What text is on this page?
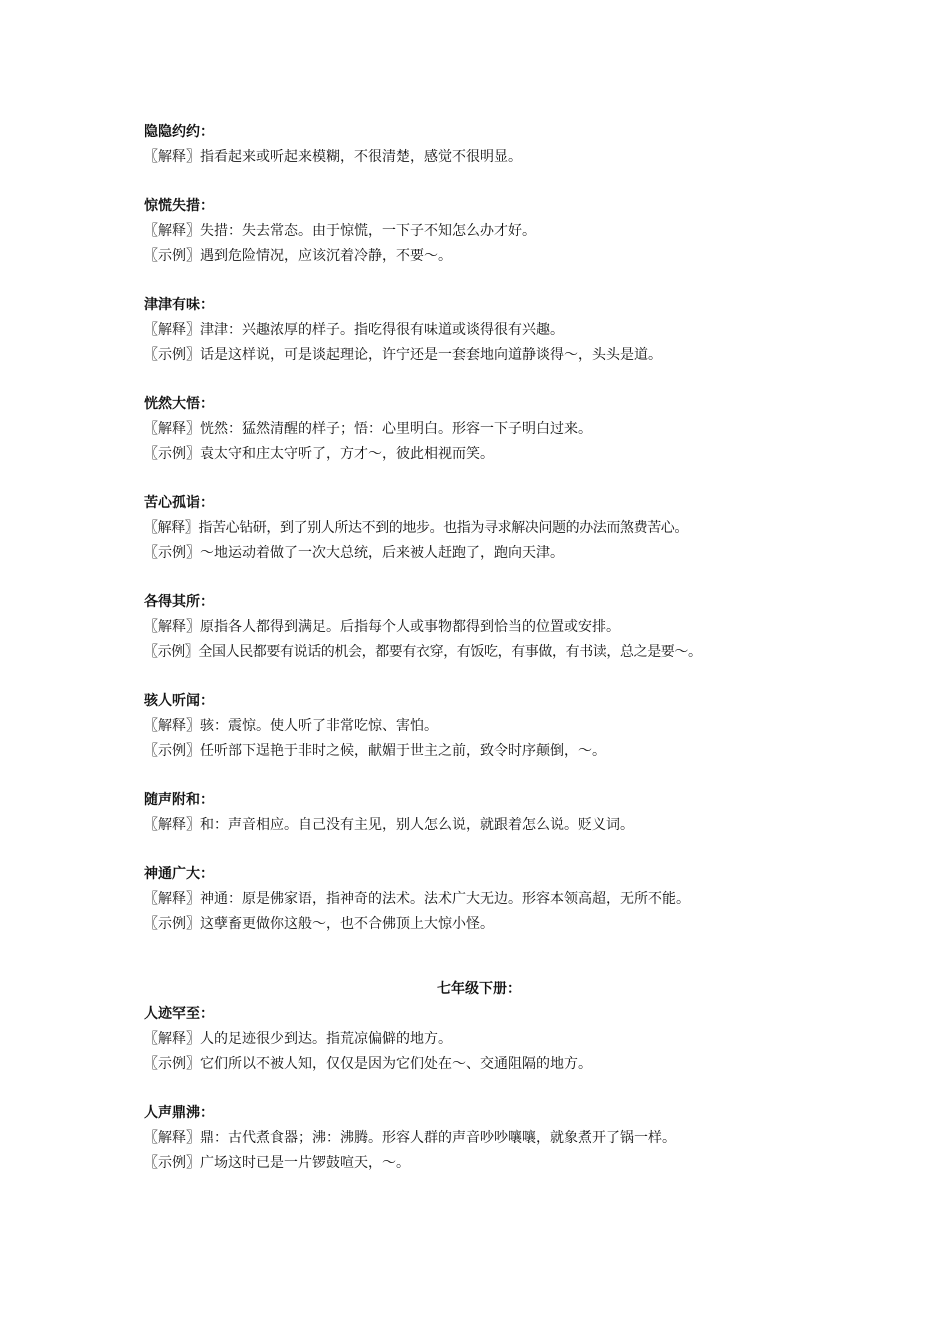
隐隐约约：
〖解释〗指看起来或听起来模糊，不很清楚，感觉不很明显。
惊慌失措：
〖解释〗失措：失去常态。由于惊慌，一下子不知怎么办才好。
〖示例〗遇到危险情况，应该沉着冷静，不要～。
津津有味：
〖解释〗津津：兴趣浓厚的样子。指吃得很有味道或谈得很有兴趣。
〖示例〗话是这样说，可是谈起理论，许宁还是一套套地向道静谈得～，头头是道。
恍然大悟：
〖解释〗恍然：猛然清醒的样子；悟：心里明白。形容一下子明白过来。
〖示例〗袁太守和庄太守听了，方才～，彼此相视而笑。
苦心孤诣：
〖解释〗指苦心钻研，到了别人所达不到的地步。也指为寻求解决问题的办法而煞费苦心。
〖示例〗～地运动着做了一次大总统，后来被人赶跑了，跑向天津。
各得其所：
〖解释〗原指各人都得到满足。后指每个人或事物都得到恰当的位置或安排。
〖示例〗全国人民都要有说话的机会，都要有衣穿，有饭吃，有事做，有书读，总之是要～。
骇人听闻：
〖解释〗骇：震惊。使人听了非常吃惊、害怕。
〖示例〗任听部下逞艳于非时之候，献媚于世主之前，致令时序颠倒，～。
随声附和：
〖解释〗和：声音相应。自己没有主见，别人怎么说，就跟着怎么说。贬义词。
神通广大：
〖解释〗神通：原是佛家语，指神奇的法术。法术广大无边。形容本领高超，无所不能。
〖示例〗这孽畜更做你这般～，也不合佛顶上大惊小怪。
七年级下册：
人迹罕至：
〖解释〗人的足迹很少到达。指荒凉偏僻的地方。
〖示例〗它们所以不被人知，仅仅是因为它们处在～、交通阻隔的地方。
人声鼎沸：
〖解释〗鼎：古代煮食器；沸：沸腾。形容人群的声音吵吵嚷嚷，就象煮开了锅一样。
〖示例〗广场这时已是一片锣鼓喧天，～。
